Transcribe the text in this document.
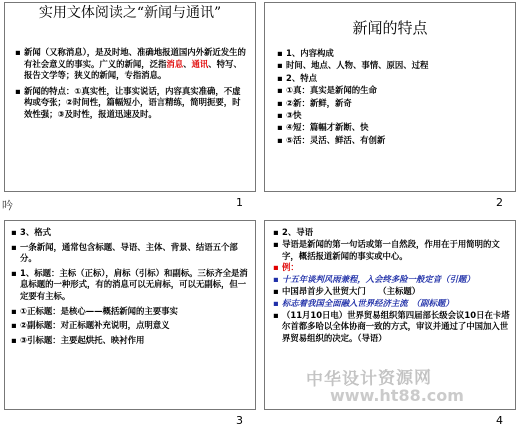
实用文体阅读之“新闻与通讯”
▪ 新闻（又称消息），是及时地、准确地报道国内外新近发生的有社会意义的事实。广义的新闻，泛指消息、通讯、特写、报告文学等；狭义的新闻，专指消息。
▪ 新闻的特点：①真实性，让事实说话，内容真实准确，不虚构或夸张；②时间性，篇幅短小，语言精练，简明扼要，时效性强；③及时性，报道迅速及时。
1
吟
新闻的特点
▪ 1、内容构成
▪ 时间、地点、人物、事情、原因、过程
▪ 2、特点
▪ ①真：真实是新闻的生命
▪ ②新：新鲜，新奇
▪ ③快
▪ ④短：篇幅才新断、快
▪ ⑤活：灵活、鲜活、有创新
2
▪ 3、格式
▪ 一条新闻，通常包含标题、导语、主体、背景、结语五个部分。
▪ 1、标题：主标（正标），肩标（引标）和副标。三标齐全是消息标题的一种形式，有的消息可以无肩标，可以无副标，但一定要有主标。
▪ ①正标题：是核心——概括新闻的主要事实
▪ ②副标题：对正标题补充说明，点明意义
▪ ③引标题：主要起烘托、映衬作用
3
▪ 2、导语
▪ 导语是新闻的第一句话或第一自然段，作用在于用简明的文字，概括报道新闻的事实或中心。
▪ 例：
▪ 十五年谈判风雨兼程，入会终多险一般定音（引题）
▪ 中国昂首步入世贸大门　　（主标题）
▪ 标志着我国全面融入世界经济主流　（副标题）
▪ （11月10日电）世界贸易组织第四届部长级会议10日在卡塔尔首都多哈以全体协商一致的方式，审议并通过了中国加入世界贸易组织的决定。（导语）
4
中华设计资源网
www.ht88.com
